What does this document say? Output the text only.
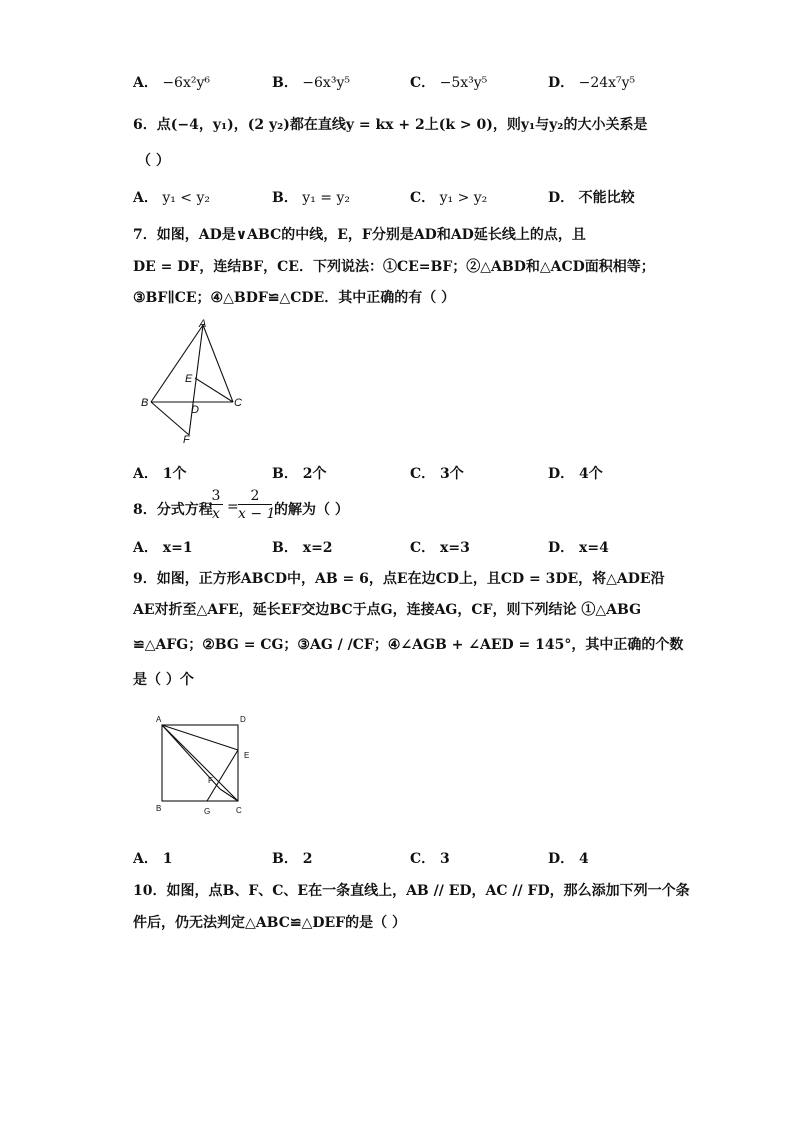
A． −6x²y⁶	B． −6x³y⁵	C． −5x³y⁵	D． −24x⁷y⁵
6．点(−4，y₁)，(2 y₂)都在直线y = kx + 2上(k > 0)，则y₁与y₂的大小关系是
（ ）
A． y₁ < y₂	B． y₁ = y₂	C． y₁ > y₂	D． 不能比较
7．如图，AD是∨ABC的中线，E，F分别是AD和AD延长线上的点，且
DE = DF，连结BF，CE．下列说法：①CE=BF；②△ABD和△ACD面积相等；
③BF∥CE；④△BDF≌△CDE．其中正确的有（ ）
A
E
B
D
C
F
A． 1个	B． 2个	C． 3个	D． 4个
8．分式方程
3
x =
2
x − 1
的解为（ ）
A． x=1	B． x=2	C． x=3	D． x=4
9．如图，正方形ABCD中，AB = 6，点E在边CD上，且CD = 3DE，将△ADE沿
AE对折至△AFE，延长EF交边BC于点G，连接AG，CF，则下列结论 ①△ABG
≌△AFG；②BG = CG；③AG / /CF；④∠AGB + ∠AED = 145°，其中正确的个数
是（ ）个
A	D
E
F
B	G	C
A． 1	B． 2	C． 3	D． 4
10．如图，点B、F、C、E在一条直线上，AB // ED，AC // FD，那么添加下列一个条
件后，仍无法判定△ABC≌△DEF的是（ ）
